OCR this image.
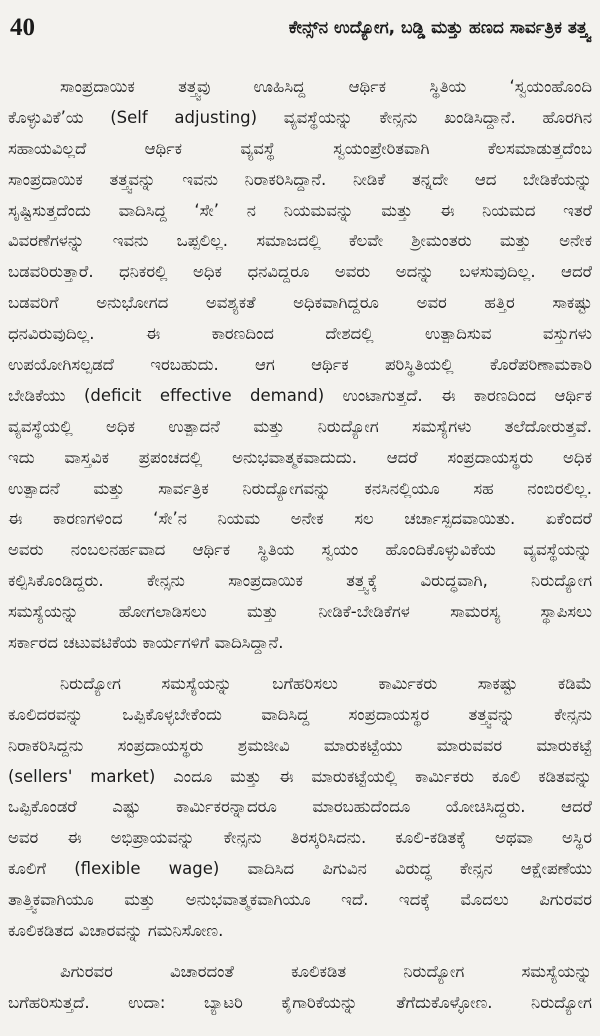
40	ಕೇನ್ಸ್‌ನ ಉದ್ಯೋಗ, ಬಡ್ಡಿ ಮತ್ತು ಹಣದ ಸಾರ್ವತ್ರಿಕ ತತ್ತ್ವ
ಸಾಂಪ್ರದಾಯಿಕ ತತ್ತ್ವವು ಊಹಿಸಿದ್ದ ಆರ್ಥಿಕ ಸ್ಥಿತಿಯ ‘ಸ್ವಯಂಹೊಂದಿ
ಕೊಳ್ಳುವಿಕೆ’ಯ (Self adjusting) ವ್ಯವಸ್ಥೆಯನ್ನು ಕೇನ್ಸನು ಖಂಡಿಸಿದ್ದಾನೆ. ಹೊರಗಿನ
ಸಹಾಯವಿಲ್ಲದೆ ಆರ್ಥಿಕ ವ್ಯವಸ್ಥೆ ಸ್ವಯಂಪ್ರೇರಿತವಾಗಿ ಕೆಲಸಮಾಡುತ್ತದೆಂಬ
ಸಾಂಪ್ರದಾಯಿಕ ತತ್ತ್ವವನ್ನು ಇವನು ನಿರಾಕರಿಸಿದ್ದಾನೆ. ನೀಡಿಕೆ ತನ್ನದೇ ಆದ ಬೇಡಿಕೆಯನ್ನು
ಸೃಷ್ಟಿಸುತ್ತದೆಂದು ವಾದಿಸಿದ್ದ ‘ಸೇ’ ನ ನಿಯಮವನ್ನು ಮತ್ತು ಈ ನಿಯಮದ ಇತರೆ
ವಿವರಣೆಗಳನ್ನು ಇವನು ಒಪ್ಪಲಿಲ್ಲ. ಸಮಾಜದಲ್ಲಿ ಕೆಲವೇ ಶ್ರೀಮಂತರು ಮತ್ತು ಅನೇಕ
ಬಡವರಿರುತ್ತಾರೆ. ಧನಿಕರಲ್ಲಿ ಅಧಿಕ ಧನವಿದ್ದರೂ ಅವರು ಅದನ್ನು ಬಳಸುವುದಿಲ್ಲ. ಆದರೆ
ಬಡವರಿಗೆ ಅನುಭೋಗದ ಅವಶ್ಯಕತೆ ಅಧಿಕವಾಗಿದ್ದರೂ ಅವರ ಹತ್ತಿರ ಸಾಕಷ್ಟು
ಧನವಿರುವುದಿಲ್ಲ. ಈ ಕಾರಣದಿಂದ ದೇಶದಲ್ಲಿ ಉತ್ಪಾದಿಸುವ ವಸ್ತುಗಳು
ಉಪಯೋಗಿಸಲ್ಪಡದೆ ಇರಬಹುದು. ಆಗ ಆರ್ಥಿಕ ಪರಿಸ್ಥಿತಿಯಲ್ಲಿ ಕೊರೆಪರಿಣಾಮಕಾರಿ
ಬೇಡಿಕೆಯು (deficit effective demand) ಉಂಟಾಗುತ್ತದೆ. ಈ ಕಾರಣದಿಂದ ಆರ್ಥಿಕ
ವ್ಯವಸ್ಥೆಯಲ್ಲಿ ಅಧಿಕ ಉತ್ಪಾದನೆ ಮತ್ತು ನಿರುದ್ಯೋಗ ಸಮಸ್ಯೆಗಳು ತಲೆದೋರುತ್ತವೆ.
ಇದು ವಾಸ್ತವಿಕ ಪ್ರಪಂಚದಲ್ಲಿ ಅನುಭವಾತ್ಮಕವಾದುದು. ಆದರೆ ಸಂಪ್ರದಾಯಸ್ಥರು ಅಧಿಕ
ಉತ್ಪಾದನೆ ಮತ್ತು ಸಾರ್ವತ್ರಿಕ ನಿರುದ್ಯೋಗವನ್ನು ಕನಸಿನಲ್ಲಿಯೂ ಸಹ ನಂಬಿರಲಿಲ್ಲ.
ಈ ಕಾರಣಗಳಿಂದ ‘ಸೇ’ನ ನಿಯಮ ಅನೇಕ ಸಲ ಚರ್ಚಾಸ್ಪದವಾಯಿತು. ಏಕೆಂದರೆ
ಅವರು ನಂಬಲನರ್ಹವಾದ ಆರ್ಥಿಕ ಸ್ಥಿತಿಯ ಸ್ವಯಂ ಹೊಂದಿಕೊಳ್ಳುವಿಕೆಯ ವ್ಯವಸ್ಥೆಯನ್ನು
ಕಲ್ಪಿಸಿಕೊಂಡಿದ್ದರು. ಕೇನ್ಸನು ಸಾಂಪ್ರದಾಯಿಕ ತತ್ತ್ವಕ್ಕೆ ವಿರುದ್ಧವಾಗಿ, ನಿರುದ್ಯೋಗ
ಸಮಸ್ಯೆಯನ್ನು ಹೋಗಲಾಡಿಸಲು ಮತ್ತು ನೀಡಿಕೆ-ಬೇಡಿಕೆಗಳ ಸಾಮರಸ್ಯ ಸ್ಥಾಪಿಸಲು
ಸರ್ಕಾರದ ಚಟುವಟಿಕೆಯ ಕಾರ್ಯಗಳಿಗೆ ವಾದಿಸಿದ್ದಾನೆ.
ನಿರುದ್ಯೋಗ ಸಮಸ್ಯೆಯನ್ನು ಬಗೆಹರಿಸಲು ಕಾರ್ಮಿಕರು ಸಾಕಷ್ಟು ಕಡಿಮೆ
ಕೂಲಿದರವನ್ನು ಒಪ್ಪಿಕೊಳ್ಳಬೇಕೆಂದು ವಾದಿಸಿದ್ದ ಸಂಪ್ರದಾಯಸ್ಥರ ತತ್ತ್ವವನ್ನು ಕೇನ್ಸನು
ನಿರಾಕರಿಸಿದ್ದನು ಸಂಪ್ರದಾಯಸ್ಥರು ಶ್ರಮಜೀವಿ ಮಾರುಕಟ್ಟೆಯು ಮಾರುವವರ ಮಾರುಕಟ್ಟೆ
(sellers' market) ಎಂದೂ ಮತ್ತು ಈ ಮಾರುಕಟ್ಟೆಯಲ್ಲಿ ಕಾರ್ಮಿಕರು ಕೂಲಿ ಕಡಿತವನ್ನು
ಒಪ್ಪಿಕೊಂಡರೆ ಎಷ್ಟು ಕಾರ್ಮಿಕರನ್ನಾದರೂ ಮಾರಬಹುದೆಂದೂ ಯೋಚಿಸಿದ್ದರು. ಆದರೆ
ಅವರ ಈ ಅಭಿಪ್ರಾಯವನ್ನು ಕೇನ್ಸನು ತಿರಸ್ಕರಿಸಿದನು. ಕೂಲಿ-ಕಡಿತಕ್ಕೆ ಅಥವಾ ಅಸ್ಥಿರ
ಕೂಲಿಗೆ (flexible wage) ವಾದಿಸಿದ ಪಿಗುವಿನ ವಿರುದ್ಧ ಕೇನ್ಸನ ಆಕ್ಷೇಪಣೆಯು
ತಾತ್ತ್ವಿಕವಾಗಿಯೂ ಮತ್ತು ಅನುಭವಾತ್ಮಕವಾಗಿಯೂ ಇದೆ. ಇದಕ್ಕೆ ಮೊದಲು ಪಿಗುರವರ
ಕೂಲಿಕಡಿತದ ವಿಚಾರವನ್ನು ಗಮನಿಸೋಣ.
ಪಿಗುರವರ ವಿಚಾರದಂತೆ ಕೂಲಿಕಡಿತ ನಿರುದ್ಯೋಗ ಸಮಸ್ಯೆಯನ್ನು
ಬಗೆಹರಿಸುತ್ತದೆ. ಉದಾ: ಬ್ಯಾಟರಿ ಕೈಗಾರಿಕೆಯನ್ನು ತೆಗೆದುಕೊಳ್ಳೋಣ. ನಿರುದ್ಯೋಗ
